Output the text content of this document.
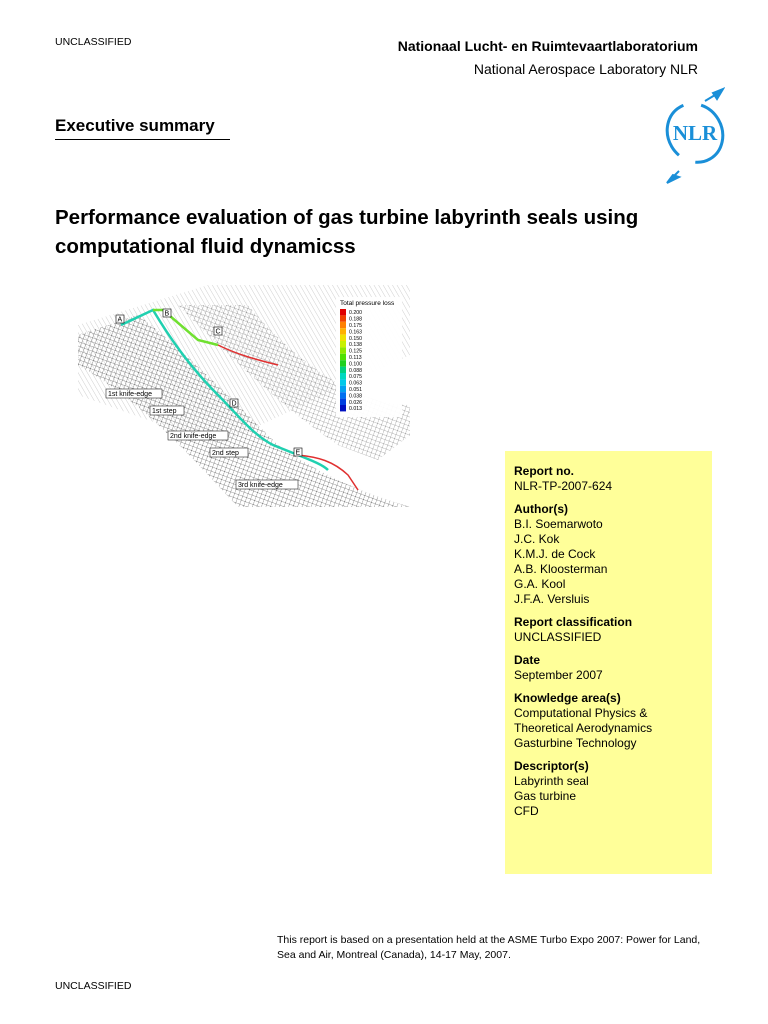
UNCLASSIFIED	Nationaal Lucht- en Ruimtevaartlaboratorium
National Aerospace Laboratory NLR
NLR
Executive summary
Performance evaluation of gas turbine labyrinth seals using computational fluid dynamicss
A
B
C
D
E
1st knife-edge
1st step
2nd knife-edge
2nd step
3rd knife-edge
Total pressure loss
0.200
0.188
0.175
0.163
0.150
0.138
0.125
0.113
0.100
0.088
0.075
0.063
0.051
0.038
0.026
0.013
Report no.
NLR-TP-2007-624
Author(s)
B.I. Soemarwoto
J.C. Kok
K.M.J. de Cock
A.B. Kloosterman
G.A. Kool
J.F.A. Versluis
Report classification
UNCLASSIFIED
Date
September 2007
Knowledge area(s)
Computational Physics &
Theoretical Aerodynamics
Gasturbine Technology
Descriptor(s)
Labyrinth seal
Gas turbine
CFD
This report is based on a presentation held at the ASME Turbo Expo 2007: Power for Land, Sea and Air, Montreal (Canada), 14-17 May, 2007.
UNCLASSIFIED
